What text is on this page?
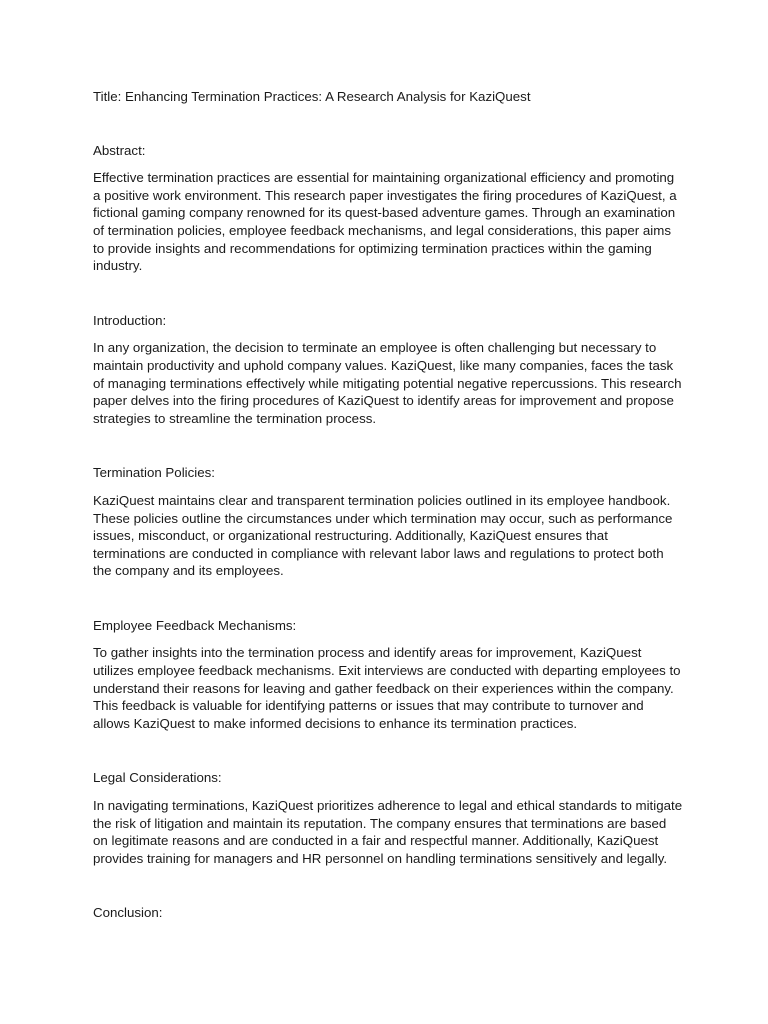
Title: Enhancing Termination Practices: A Research Analysis for KaziQuest

Abstract:

Effective termination practices are essential for maintaining organizational efficiency and promoting a positive work environment. This research paper investigates the firing procedures of KaziQuest, a fictional gaming company renowned for its quest-based adventure games. Through an examination of termination policies, employee feedback mechanisms, and legal considerations, this paper aims to provide insights and recommendations for optimizing termination practices within the gaming industry.

Introduction:

In any organization, the decision to terminate an employee is often challenging but necessary to maintain productivity and uphold company values. KaziQuest, like many companies, faces the task of managing terminations effectively while mitigating potential negative repercussions. This research paper delves into the firing procedures of KaziQuest to identify areas for improvement and propose strategies to streamline the termination process.

Termination Policies:

KaziQuest maintains clear and transparent termination policies outlined in its employee handbook. These policies outline the circumstances under which termination may occur, such as performance issues, misconduct, or organizational restructuring. Additionally, KaziQuest ensures that terminations are conducted in compliance with relevant labor laws and regulations to protect both the company and its employees.

Employee Feedback Mechanisms:

To gather insights into the termination process and identify areas for improvement, KaziQuest utilizes employee feedback mechanisms. Exit interviews are conducted with departing employees to understand their reasons for leaving and gather feedback on their experiences within the company. This feedback is valuable for identifying patterns or issues that may contribute to turnover and allows KaziQuest to make informed decisions to enhance its termination practices.

Legal Considerations:

In navigating terminations, KaziQuest prioritizes adherence to legal and ethical standards to mitigate the risk of litigation and maintain its reputation. The company ensures that terminations are based on legitimate reasons and are conducted in a fair and respectful manner. Additionally, KaziQuest provides training for managers and HR personnel on handling terminations sensitively and legally.

Conclusion:
